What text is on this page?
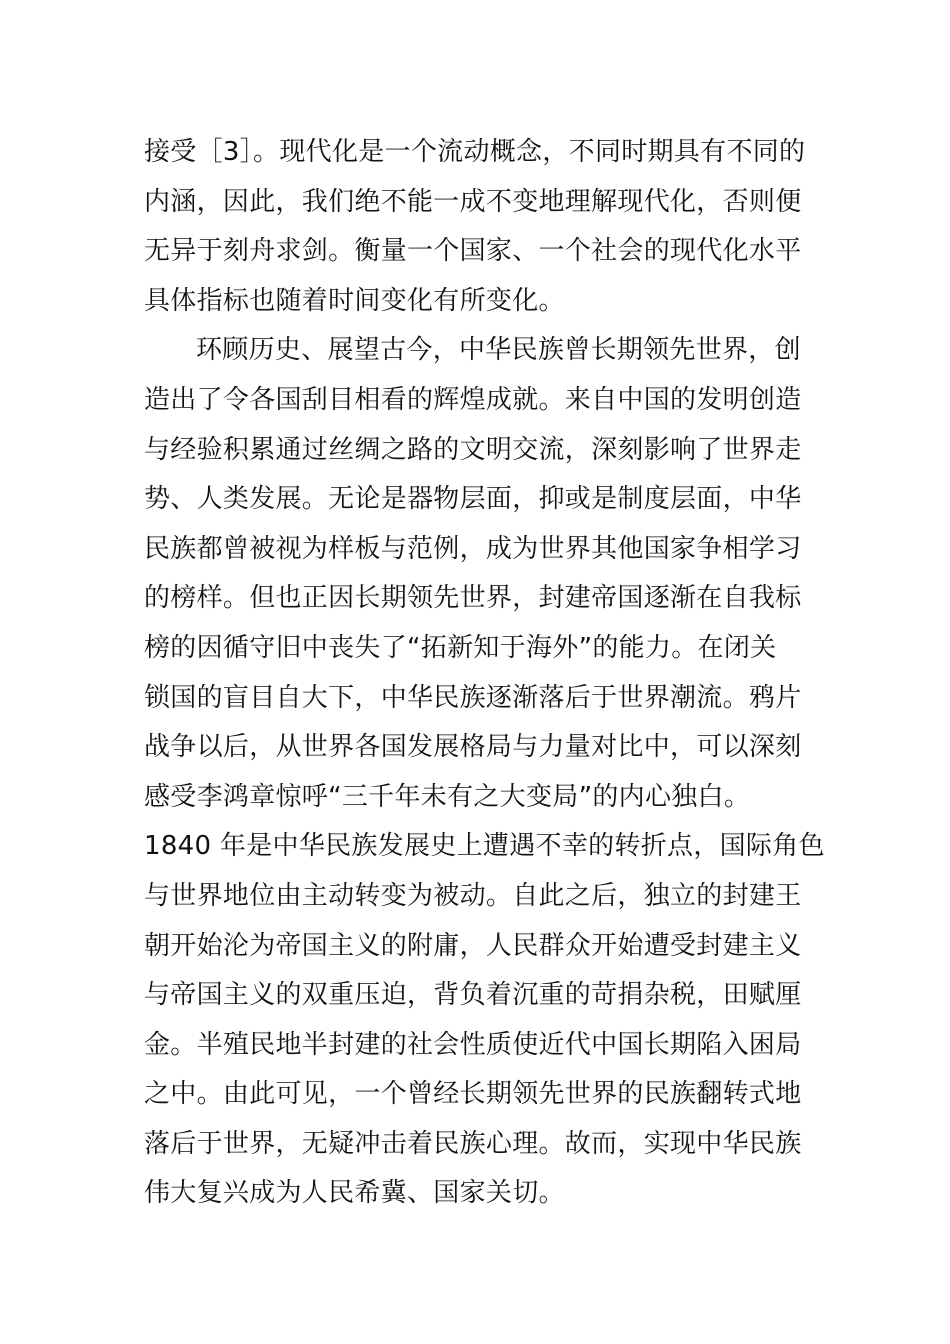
接受［3］。现代化是一个流动概念，不同时期具有不同的
内涵，因此，我们绝不能一成不变地理解现代化，否则便
无异于刻舟求剑。衡量一个国家、一个社会的现代化水平
具体指标也随着时间变化有所变化。
环顾历史、展望古今，中华民族曾长期领先世界，创
造出了令各国刮目相看的辉煌成就。来自中国的发明创造
与经验积累通过丝绸之路的文明交流，深刻影响了世界走
势、人类发展。无论是器物层面，抑或是制度层面，中华
民族都曾被视为样板与范例，成为世界其他国家争相学习
的榜样。但也正因长期领先世界，封建帝国逐渐在自我标
榜的因循守旧中丧失了“拓新知于海外”的能力。在闭关
锁国的盲目自大下，中华民族逐渐落后于世界潮流。鸦片
战争以后，从世界各国发展格局与力量对比中，可以深刻
感受李鸿章惊呼“三千年未有之大变局”的内心独白。
1840 年是中华民族发展史上遭遇不幸的转折点，国际角色
与世界地位由主动转变为被动。自此之后，独立的封建王
朝开始沦为帝国主义的附庸，人民群众开始遭受封建主义
与帝国主义的双重压迫，背负着沉重的苛捐杂税，田赋厘
金。半殖民地半封建的社会性质使近代中国长期陷入困局
之中。由此可见，一个曾经长期领先世界的民族翻转式地
落后于世界，无疑冲击着民族心理。故而，实现中华民族
伟大复兴成为人民希冀、国家关切。
